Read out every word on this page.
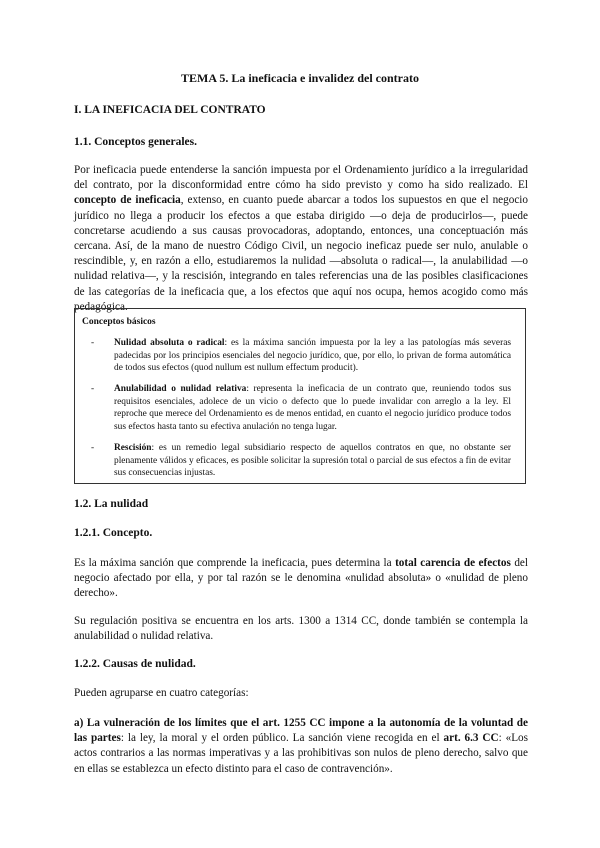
TEMA 5. La ineficacia e invalidez del contrato
I. LA INEFICACIA DEL CONTRATO
1.1. Conceptos generales.
Por ineficacia puede entenderse la sanción impuesta por el Ordenamiento jurídico a la irregularidad del contrato, por la disconformidad entre cómo ha sido previsto y como ha sido realizado. El concepto de ineficacia, extenso, en cuanto puede abarcar a todos los supuestos en que el negocio jurídico no llega a producir los efectos a que estaba dirigido —o deja de producirlos—, puede concretarse acudiendo a sus causas provocadoras, adoptando, entonces, una conceptuación más cercana. Así, de la mano de nuestro Código Civil, un negocio ineficaz puede ser nulo, anulable o rescindible, y, en razón a ello, estudiaremos la nulidad —absoluta o radical—, la anulabilidad —o nulidad relativa—, y la rescisión, integrando en tales referencias una de las posibles clasificaciones de las categorías de la ineficacia que, a los efectos que aquí nos ocupa, hemos acogido como más pedagógica.
Conceptos básicos
- Nulidad absoluta o radical: es la máxima sanción impuesta por la ley a las patologías más severas padecidas por los principios esenciales del negocio jurídico, que, por ello, lo privan de forma automática de todos sus efectos (quod nullum est nullum effectum producit).
- Anulabilidad o nulidad relativa: representa la ineficacia de un contrato que, reuniendo todos sus requisitos esenciales, adolece de un vicio o defecto que lo puede invalidar con arreglo a la ley. El reproche que merece del Ordenamiento es de menos entidad, en cuanto el negocio jurídico produce todos sus efectos hasta tanto su efectiva anulación no tenga lugar.
- Rescisión: es un remedio legal subsidiario respecto de aquellos contratos en que, no obstante ser plenamente válidos y eficaces, es posible solicitar la supresión total o parcial de sus efectos a fin de evitar sus consecuencias injustas.
1.2. La nulidad
1.2.1. Concepto.
Es la máxima sanción que comprende la ineficacia, pues determina la total carencia de efectos del negocio afectado por ella, y por tal razón se le denomina «nulidad absoluta» o «nulidad de pleno derecho».
Su regulación positiva se encuentra en los arts. 1300 a 1314 CC, donde también se contempla la anulabilidad o nulidad relativa.
1.2.2. Causas de nulidad.
Pueden agruparse en cuatro categorías:
a) La vulneración de los límites que el art. 1255 CC impone a la autonomía de la voluntad de las partes: la ley, la moral y el orden público. La sanción viene recogida en el art. 6.3 CC: «Los actos contrarios a las normas imperativas y a las prohibitivas son nulos de pleno derecho, salvo que en ellas se establezca un efecto distinto para el caso de contravención».
